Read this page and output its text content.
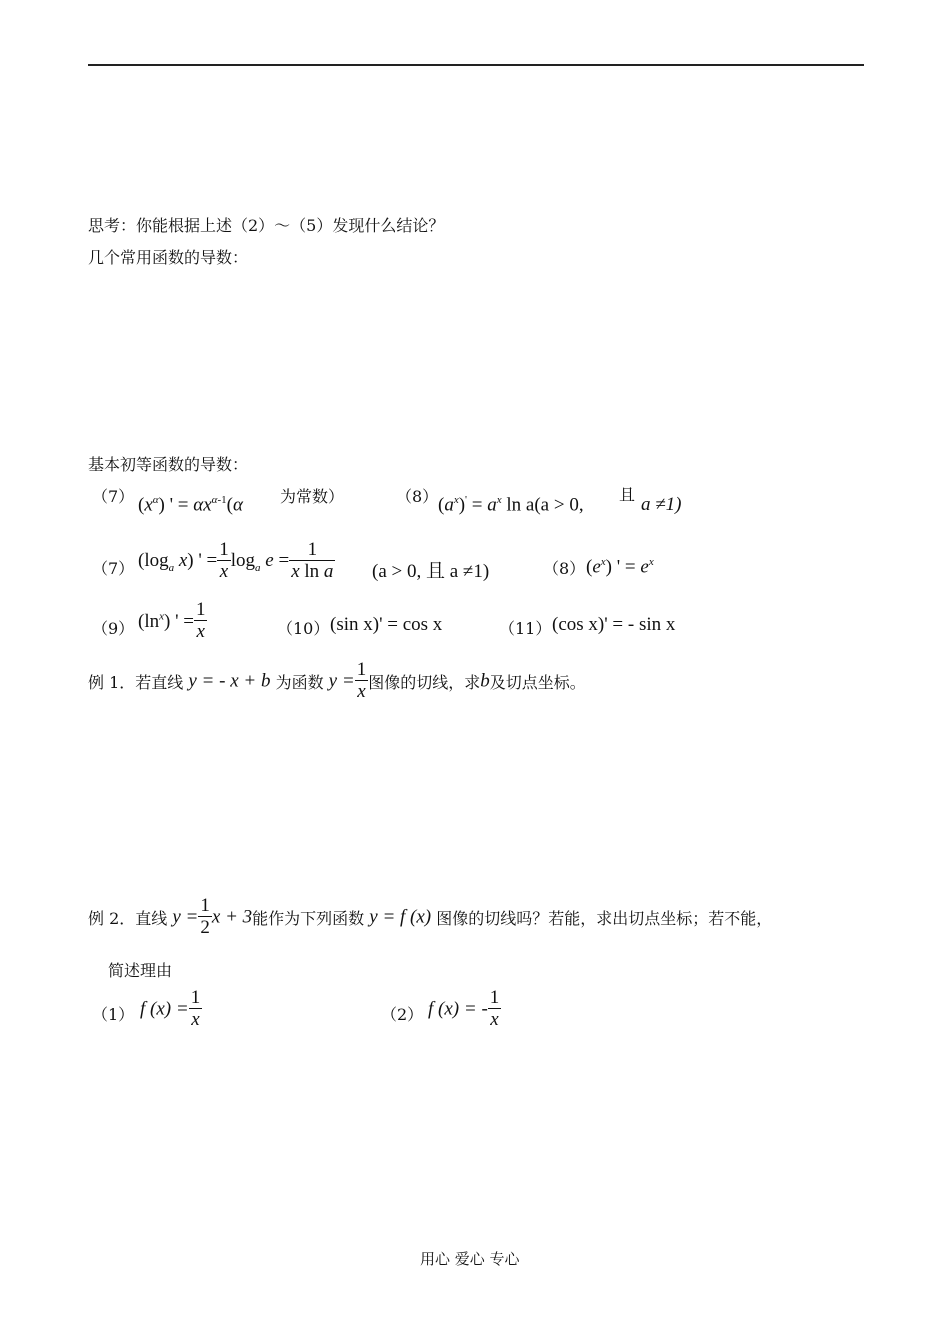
思考：你能根据上述（2）～（5）发现什么结论？
几个常用函数的导数：
基本初等函数的导数：
（7） $(x^\alpha)$ ' = $\alpha x^{\alpha-1}(\alpha$ 为常数）	（8） $(a^x)' = a^x$ ln a(a > 0, 且 a ≠1)
（7） ($\log_a$ x) ' = $\frac{1}{x} \log_a e = \frac{1}{\text{x ln a}} (a > 0$, 且 a ≠1)	（8） $(e^x)$ ' = $e^x$
（9） $(\ln^x)$ ' = $\frac{1}{x}$	（10） (sin x)' = cos x	（11） (cos x)' = - sin x
例 1．若直线 y = - x + b 为函数 $y = \frac{1}{x}$ 图像的切线，求b及切点坐标。
例 2．直线 $y = \frac{1}{2}$ x + 3能作为下列函数 y = f (x) 图像的切线吗？若能，求出切点坐标；若不能，
简述理由
（1） f $(x) = \frac{1}{x}$	（2） f (x) = - $\frac{1}{x}$
用心 爱心 专心
